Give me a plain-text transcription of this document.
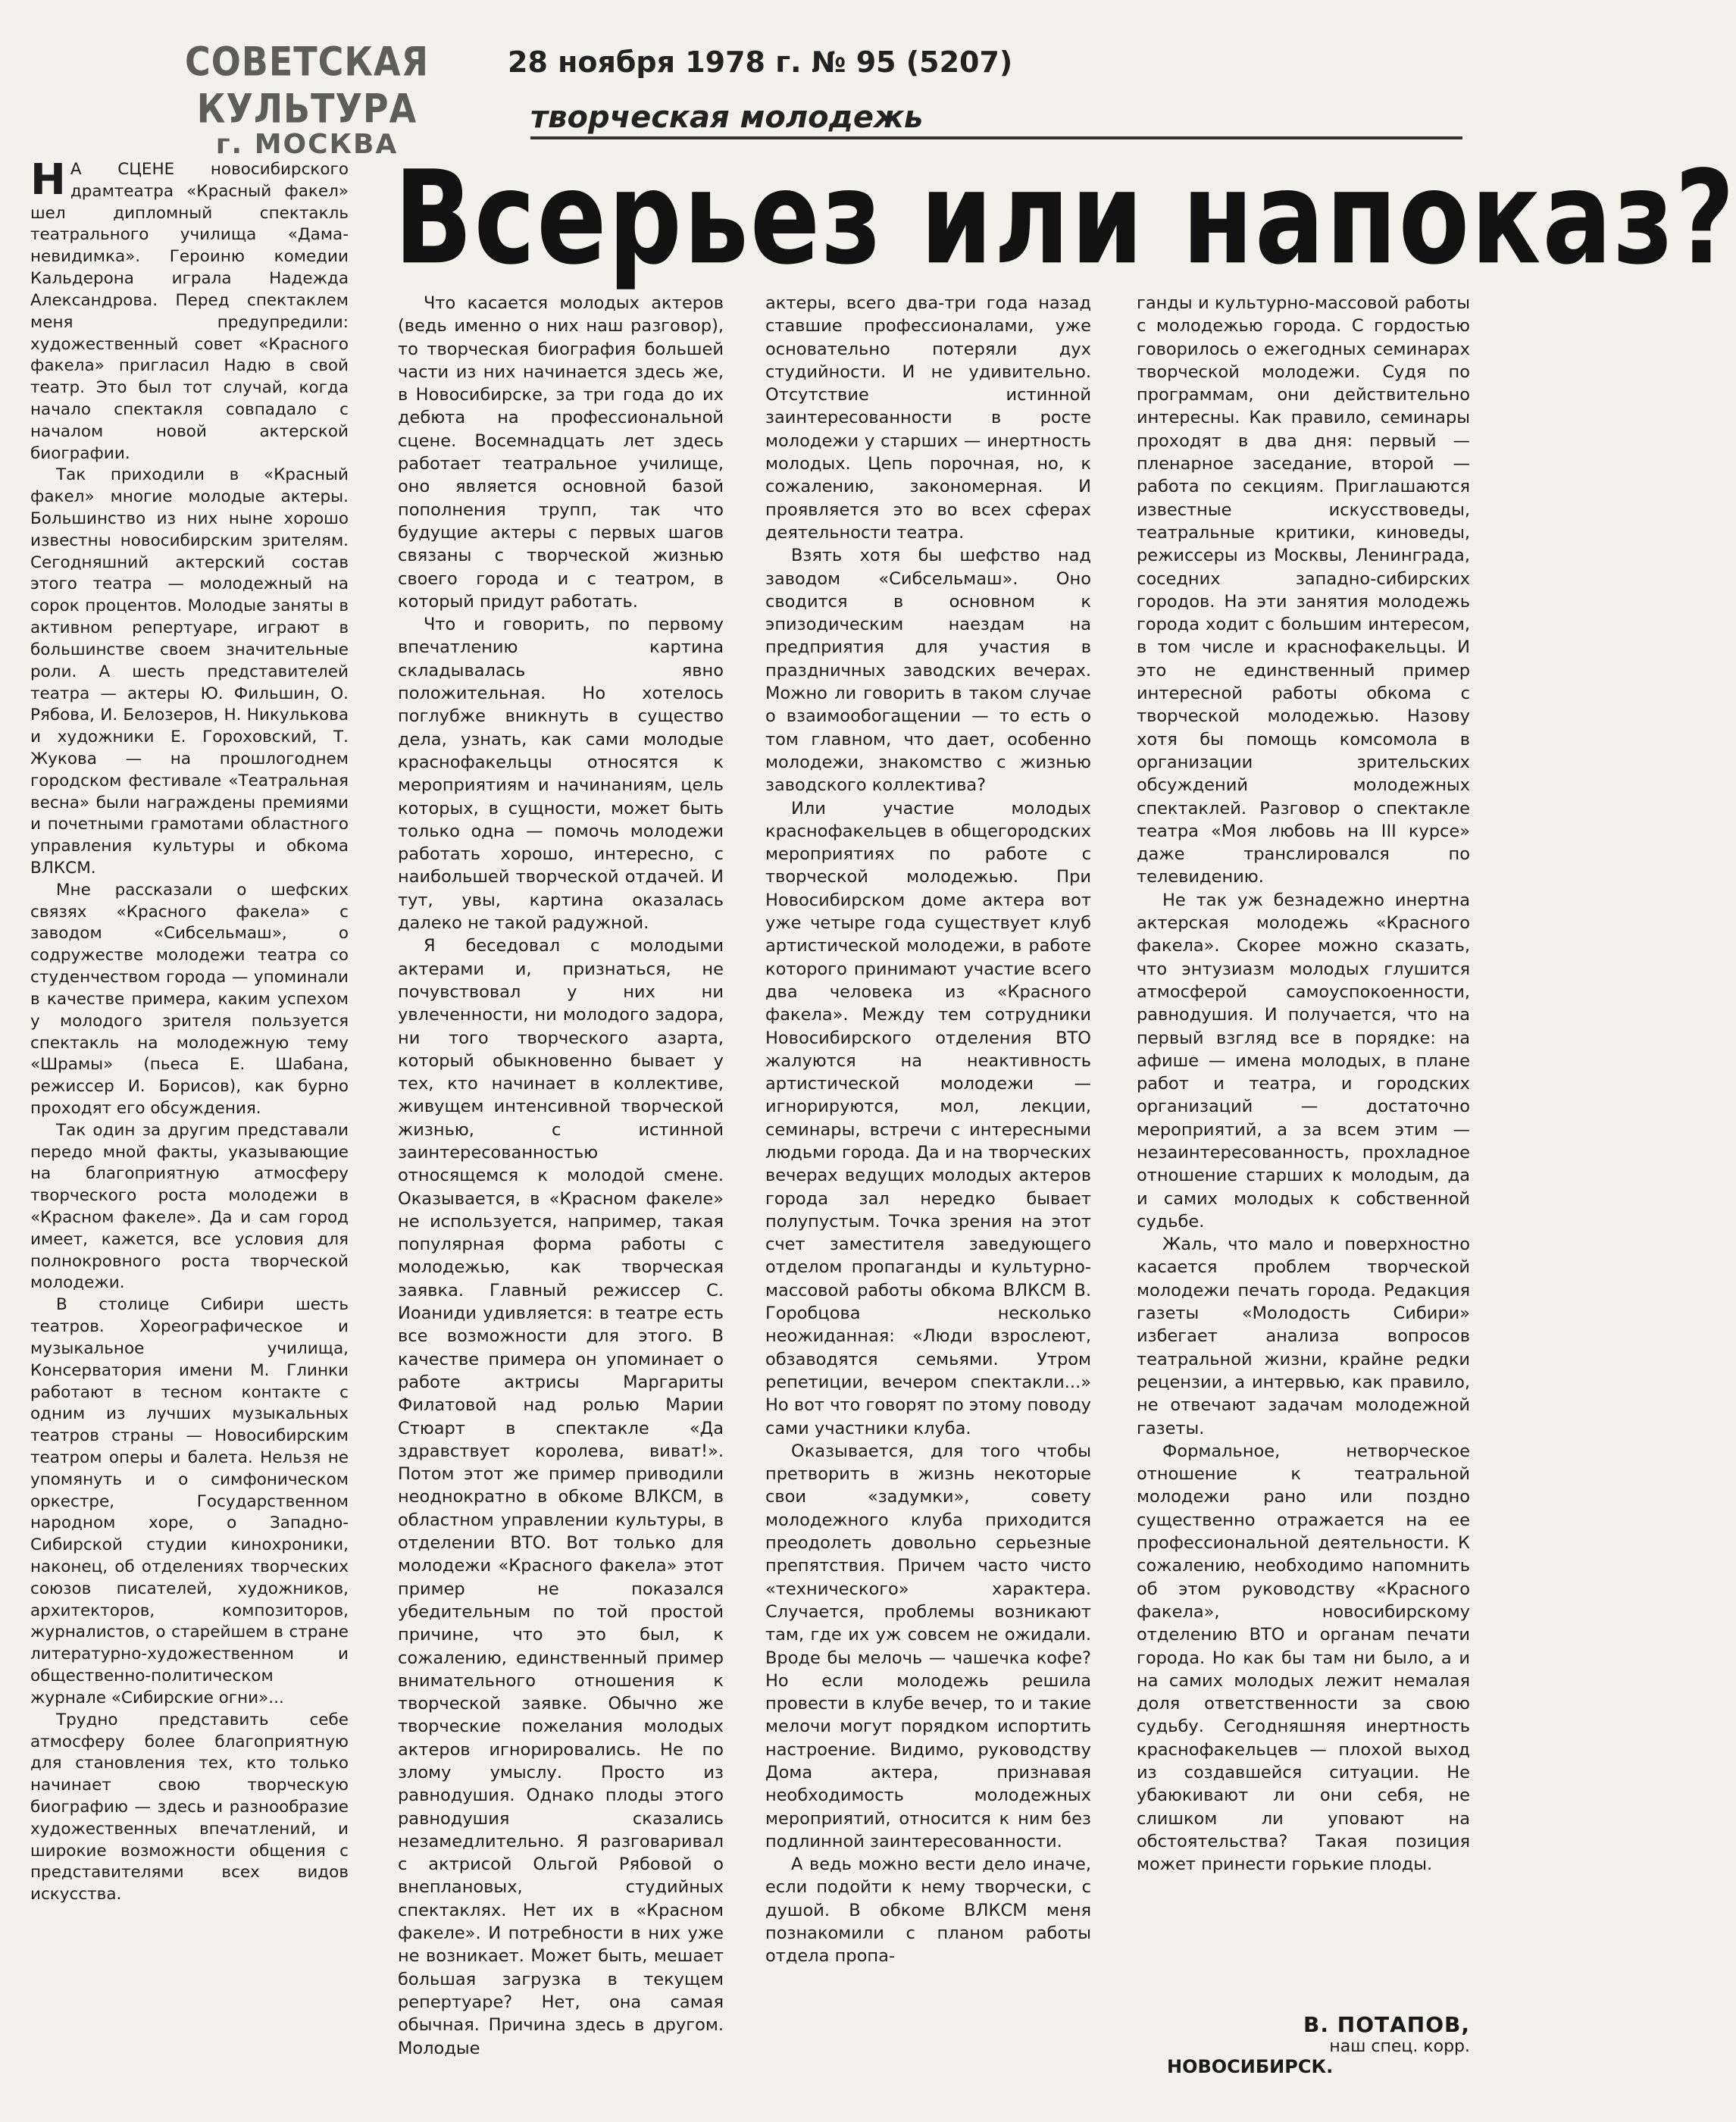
СОВЕТСКАЯ КУЛЬТУРА
г. МОСКВА
28 ноября 1978 г. № 95 (5207)
творческая молодежь
Всерьез или напоказ?

Н А СЦЕНЕ новосибирского драмтеатра «Красный факел» шел дипломный спектакль театрального училища «Дама-невидимка». Героиню комедии Кальдерона играла Надежда Александрова. Перед спектаклем меня предупредили: художественный совет «Красного факела» пригласил Надю в свой театр. Это был тот случай, когда начало спектакля совпадало с началом новой актерской биографии.

Так приходили в «Красный факел» многие молодые актеры. Большинство из них ныне хорошо известны новосибирским зрителям. Сегодняшний актерский состав этого театра — молодежный на сорок процентов. Молодые заняты в активном репертуаре, играют в большинстве своем значительные роли. А шесть представителей театра — актеры Ю. Фильшин, О. Рябова, И. Белозеров, Н. Никулькова и художники Е. Гороховский, Т. Жукова — на прошлогоднем городском фестивале «Театральная весна» были награждены премиями и почетными грамотами областного управления культуры и обкома ВЛКСМ.

Мне рассказали о шефских связях «Красного факела» с заводом «Сибсельмаш», о содружестве молодежи театра со студенчеством города — упоминали в качестве примера, каким успехом у молодого зрителя пользуется спектакль на молодежную тему «Шрамы» (пьеса Е. Шабана, режиссер И. Борисов), как бурно проходят его обсуждения.

Так один за другим представали передо мной факты, указывающие на благоприятную атмосферу творческого роста молодежи в «Красном факеле». Да и сам город имеет, кажется, все условия для полнокровного роста творческой молодежи.

В столице Сибири шесть театров. Хореографическое и музыкальное училища, Консерватория имени М. Глинки работают в тесном контакте с одним из лучших музыкальных театров страны — Новосибирским театром оперы и балета. Нельзя не упомянуть и о симфоническом оркестре, Государственном народном хоре, о Западно-Сибирской студии кинохроники, наконец, об отделениях творческих союзов писателей, художников, архитекторов, композиторов, журналистов, о старейшем в стране литературно-художественном и общественно-политическом журнале «Сибирские огни»...

Трудно представить себе атмосферу более благоприятную для становления тех, кто только начинает свою творческую биографию — здесь и разнообразие художественных впечатлений, и широкие возможности общения с представителями всех видов искусства.

Что касается молодых актеров (ведь именно о них наш разговор), то творческая биография большей части из них начинается здесь же, в Новосибирске, за три года до их дебюта на профессиональной сцене. Восемнадцать лет здесь работает театральное училище, оно является основной базой пополнения трупп, так что будущие актеры с первых шагов связаны с творческой жизнью своего города и с театром, в который придут работать.

Что и говорить, по первому впечатлению картина складывалась явно положительная. Но хотелось поглубже вникнуть в существо дела, узнать, как сами молодые краснофакельцы относятся к мероприятиям и начинаниям, цель которых, в сущности, может быть только одна — помочь молодежи работать хорошо, интересно, с наибольшей творческой отдачей. И тут, увы, картина оказалась далеко не такой радужной.

Я беседовал с молодыми актерами и, признаться, не почувствовал у них ни увлеченности, ни молодого задора, ни того творческого азарта, который обыкновенно бывает у тех, кто начинает в коллективе, живущем интенсивной творческой жизнью, с истинной заинтересованностью относящемся к молодой смене. Оказывается, в «Красном факеле» не используется, например, такая популярная форма работы с молодежью, как творческая заявка. Главный режиссер С. Иоаниди удивляется: в театре есть все возможности для этого. В качестве примера он упоминает о работе актрисы Маргариты Филатовой над ролью Марии Стюарт в спектакле «Да здравствует королева, виват!». Потом этот же пример приводили неоднократно в обкоме ВЛКСМ, в областном управлении культуры, в отделении ВТО. Вот только для молодежи «Красного факела» этот пример не показался убедительным по той простой причине, что это был, к сожалению, единственный пример внимательного отношения к творческой заявке. Обычно же творческие пожелания молодых актеров игнорировались. Не по злому умыслу. Просто из равнодушия. Однако плоды этого равнодушия сказались незамедлительно. Я разговаривал с актрисой Ольгой Рябовой о внеплановых, студийных спектаклях. Нет их в «Красном факеле». И потребности в них уже не возникает. Может быть, мешает большая загрузка в текущем репертуаре? Нет, она самая обычная. Причина здесь в другом. Молодые

актеры, всего два-три года назад ставшие профессионалами, уже основательно потеряли дух студийности. И не удивительно. Отсутствие истинной заинтересованности в росте молодежи у старших — инертность молодых. Цепь порочная, но, к сожалению, закономерная. И проявляется это во всех сферах деятельности театра.

Взять хотя бы шефство над заводом «Сибсельмаш». Оно сводится в основном к эпизодическим наездам на предприятия для участия в праздничных заводских вечерах. Можно ли говорить в таком случае о взаимообогащении — то есть о том главном, что дает, особенно молодежи, знакомство с жизнью заводского коллектива?

Или участие молодых краснофакельцев в общегородских мероприятиях по работе с творческой молодежью. При Новосибирском доме актера вот уже четыре года существует клуб артистической молодежи, в работе которого принимают участие всего два человека из «Красного факела». Между тем сотрудники Новосибирского отделения ВТО жалуются на неактивность артистической молодежи — игнорируются, мол, лекции, семинары, встречи с интересными людьми города. Да и на творческих вечерах ведущих молодых актеров города зал нередко бывает полупустым. Точка зрения на этот счет заместителя заведующего отделом пропаганды и культурно-массовой работы обкома ВЛКСМ В. Горобцова несколько неожиданная: «Люди взрослеют, обзаводятся семьями. Утром репетиции, вечером спектакли...» Но вот что говорят по этому поводу сами участники клуба.

Оказывается, для того чтобы претворить в жизнь некоторые свои «задумки», совету молодежного клуба приходится преодолеть довольно серьезные препятствия. Причем часто чисто «технического» характера. Случается, проблемы возникают там, где их уж совсем не ожидали. Вроде бы мелочь — чашечка кофе? Но если молодежь решила провести в клубе вечер, то и такие мелочи могут порядком испортить настроение. Видимо, руководству Дома актера, признавая необходимость молодежных мероприятий, относится к ним без подлинной заинтересованности.

А ведь можно вести дело иначе, если подойти к нему творчески, с душой. В обкоме ВЛКСМ меня познакомили с планом работы отдела пропа-

ганды и культурно-массовой работы с молодежью города. С гордостью говорилось о ежегодных семинарах творческой молодежи. Судя по программам, они действительно интересны. Как правило, семинары проходят в два дня: первый — пленарное заседание, второй — работа по секциям. Приглашаются известные искусствоведы, театральные критики, киноведы, режиссеры из Москвы, Ленинграда, соседних западно-сибирских городов. На эти занятия молодежь города ходит с большим интересом, в том числе и краснофакельцы. И это не единственный пример интересной работы обкома с творческой молодежью. Назову хотя бы помощь комсомола в организации зрительских обсуждений молодежных спектаклей. Разговор о спектакле театра «Моя любовь на III курсе» даже транслировался по телевидению.

Не так уж безнадежно инертна актерская молодежь «Красного факела». Скорее можно сказать, что энтузиазм молодых глушится атмосферой самоуспокоенности, равнодушия. И получается, что на первый взгляд все в порядке: на афише — имена молодых, в плане работ и театра, и городских организаций — достаточно мероприятий, а за всем этим — незаинтересованность, прохладное отношение старших к молодым, да и самих молодых к собственной судьбе.

Жаль, что мало и поверхностно касается проблем творческой молодежи печать города. Редакция газеты «Молодость Сибири» избегает анализа вопросов театральной жизни, крайне редки рецензии, а интервью, как правило, не отвечают задачам молодежной газеты.

Формальное, нетворческое отношение к театральной молодежи рано или поздно существенно отражается на ее профессиональной деятельности. К сожалению, необходимо напомнить об этом руководству «Красного факела», новосибирскому отделению ВТО и органам печати города. Но как бы там ни было, а и на самих молодых лежит немалая доля ответственности за свою судьбу. Сегодняшняя инертность краснофакельцев — плохой выход из создавшейся ситуации. Не убаюкивают ли они себя, не слишком ли уповают на обстоятельства? Такая позиция может принести горькие плоды.

В. ПОТАПОВ,
наш спец. корр.
НОВОСИБИРСК.
